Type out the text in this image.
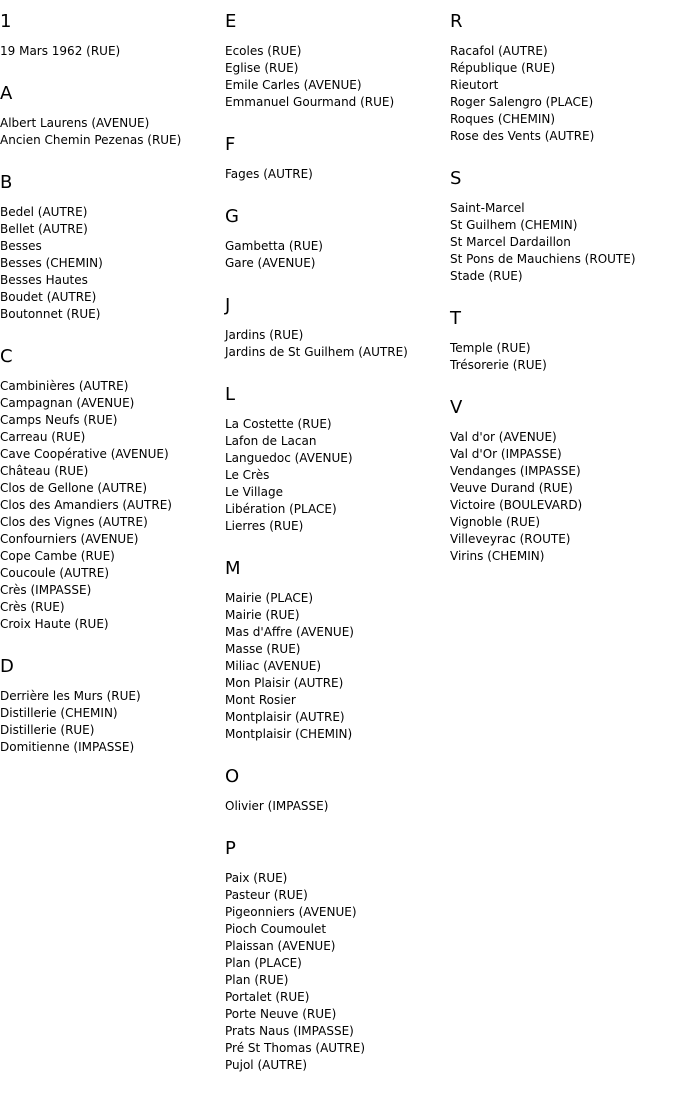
1
19 Mars 1962 (RUE)
A
Albert Laurens (AVENUE)
Ancien Chemin Pezenas (RUE)
B
Bedel (AUTRE)
Bellet (AUTRE)
Besses
Besses (CHEMIN)
Besses Hautes
Boudet (AUTRE)
Boutonnet (RUE)
C
Cambinières (AUTRE)
Campagnan (AVENUE)
Camps Neufs (RUE)
Carreau (RUE)
Cave Coopérative (AVENUE)
Château (RUE)
Clos de Gellone (AUTRE)
Clos des Amandiers (AUTRE)
Clos des Vignes (AUTRE)
Confourniers (AVENUE)
Cope Cambe (RUE)
Coucoule (AUTRE)
Crès (IMPASSE)
Crès (RUE)
Croix Haute (RUE)
D
Derrière les Murs (RUE)
Distillerie (CHEMIN)
Distillerie (RUE)
Domitienne (IMPASSE)
E
Ecoles (RUE)
Eglise (RUE)
Emile Carles (AVENUE)
Emmanuel Gourmand (RUE)
F
Fages (AUTRE)
G
Gambetta (RUE)
Gare (AVENUE)
J
Jardins (RUE)
Jardins de St Guilhem (AUTRE)
L
La Costette (RUE)
Lafon de Lacan
Languedoc (AVENUE)
Le Crès
Le Village
Libération (PLACE)
Lierres (RUE)
M
Mairie (PLACE)
Mairie (RUE)
Mas d'Affre (AVENUE)
Masse (RUE)
Miliac (AVENUE)
Mon Plaisir (AUTRE)
Mont Rosier
Montplaisir (AUTRE)
Montplaisir (CHEMIN)
O
Olivier (IMPASSE)
P
Paix (RUE)
Pasteur (RUE)
Pigeonniers (AVENUE)
Pioch Coumoulet
Plaissan (AVENUE)
Plan (PLACE)
Plan (RUE)
Portalet (RUE)
Porte Neuve (RUE)
Prats Naus (IMPASSE)
Pré St Thomas (AUTRE)
Pujol (AUTRE)
R
Racafol (AUTRE)
République (RUE)
Rieutort
Roger Salengro (PLACE)
Roques (CHEMIN)
Rose des Vents (AUTRE)
S
Saint-Marcel
St Guilhem (CHEMIN)
St Marcel Dardaillon
St Pons de Mauchiens (ROUTE)
Stade (RUE)
T
Temple (RUE)
Trésorerie (RUE)
V
Val d'or (AVENUE)
Val d'Or (IMPASSE)
Vendanges (IMPASSE)
Veuve Durand (RUE)
Victoire (BOULEVARD)
Vignoble (RUE)
Villeveyrac (ROUTE)
Virins (CHEMIN)
